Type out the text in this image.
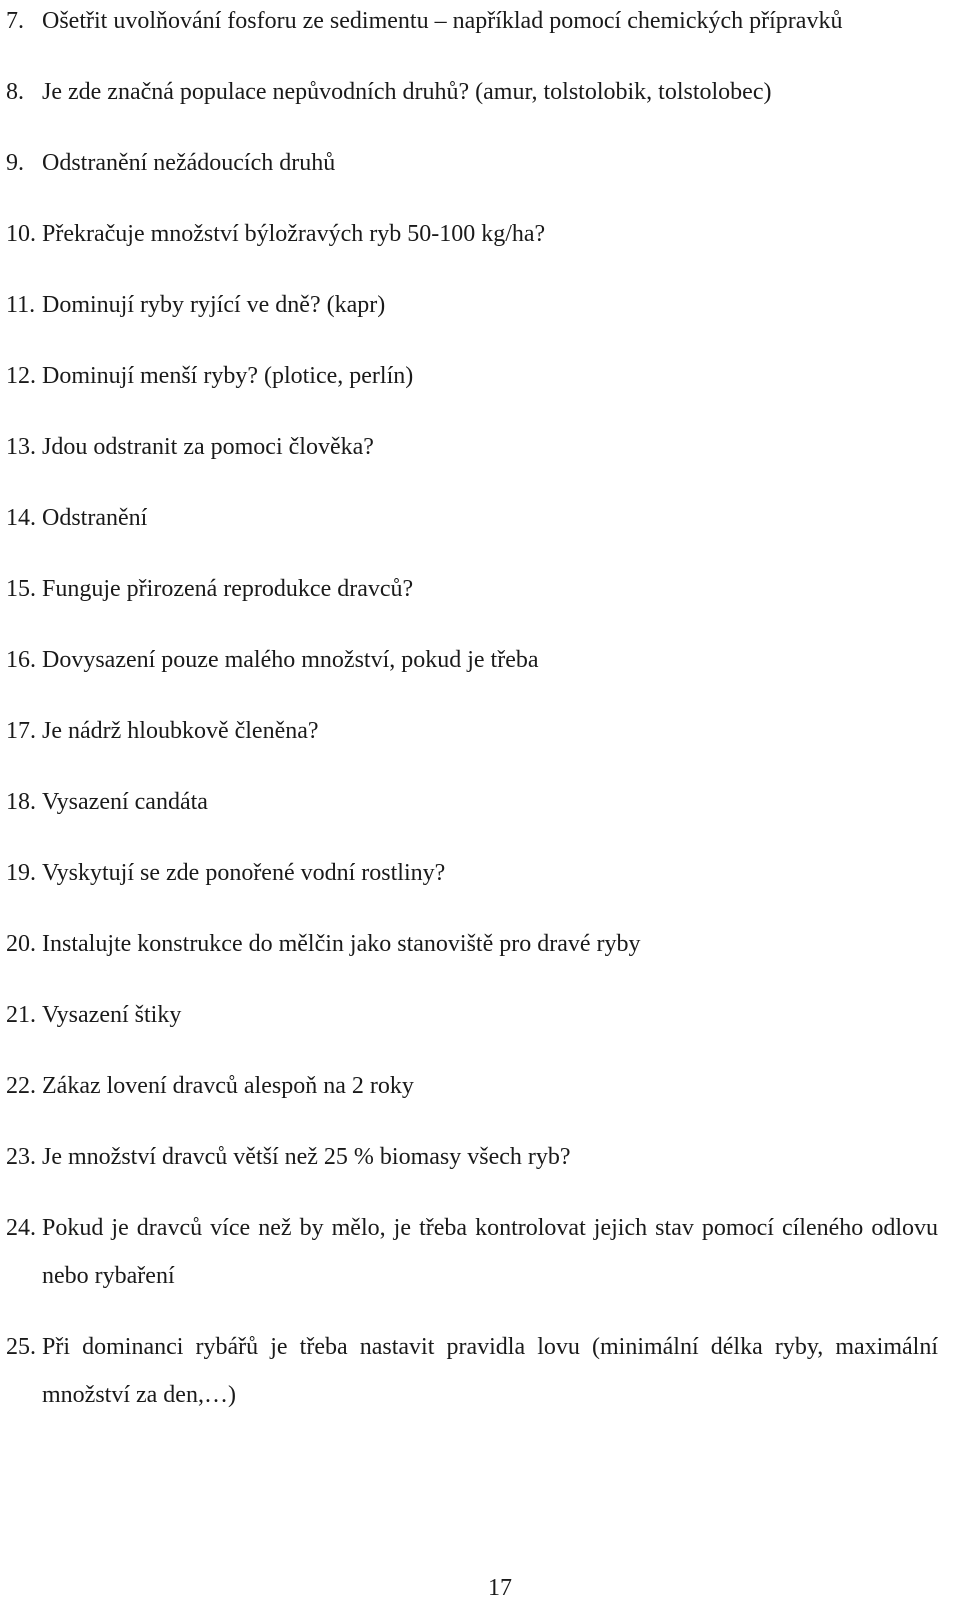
7. Ošetřit uvolňování fosforu ze sedimentu – například pomocí chemických přípravků
8. Je zde značná populace nepůvodních druhů? (amur, tolstolobik, tolstolobec)
9. Odstranění nežádoucích druhů
10. Překračuje množství býložravých ryb 50-100 kg/ha?
11. Dominují ryby ryjící ve dně? (kapr)
12. Dominují menší ryby? (plotice, perlín)
13. Jdou odstranit za pomoci člověka?
14. Odstranění
15. Funguje přirozená reprodukce dravců?
16. Dovysazení pouze malého množství, pokud je třeba
17. Je nádrž hloubkově členěna?
18. Vysazení candáta
19. Vyskytují se zde ponořené vodní rostliny?
20. Instalujte konstrukce do mělčin jako stanoviště pro dravé ryby
21. Vysazení štiky
22. Zákaz lovení dravců alespoň na 2 roky
23. Je množství dravců větší než 25 % biomasy všech ryb?
24. Pokud je dravců více než by mělo, je třeba kontrolovat jejich stav pomocí cíleného odlovu nebo rybaření
25. Při dominanci rybářů je třeba nastavit pravidla lovu (minimální délka ryby, maximální množství za den,…)
17
